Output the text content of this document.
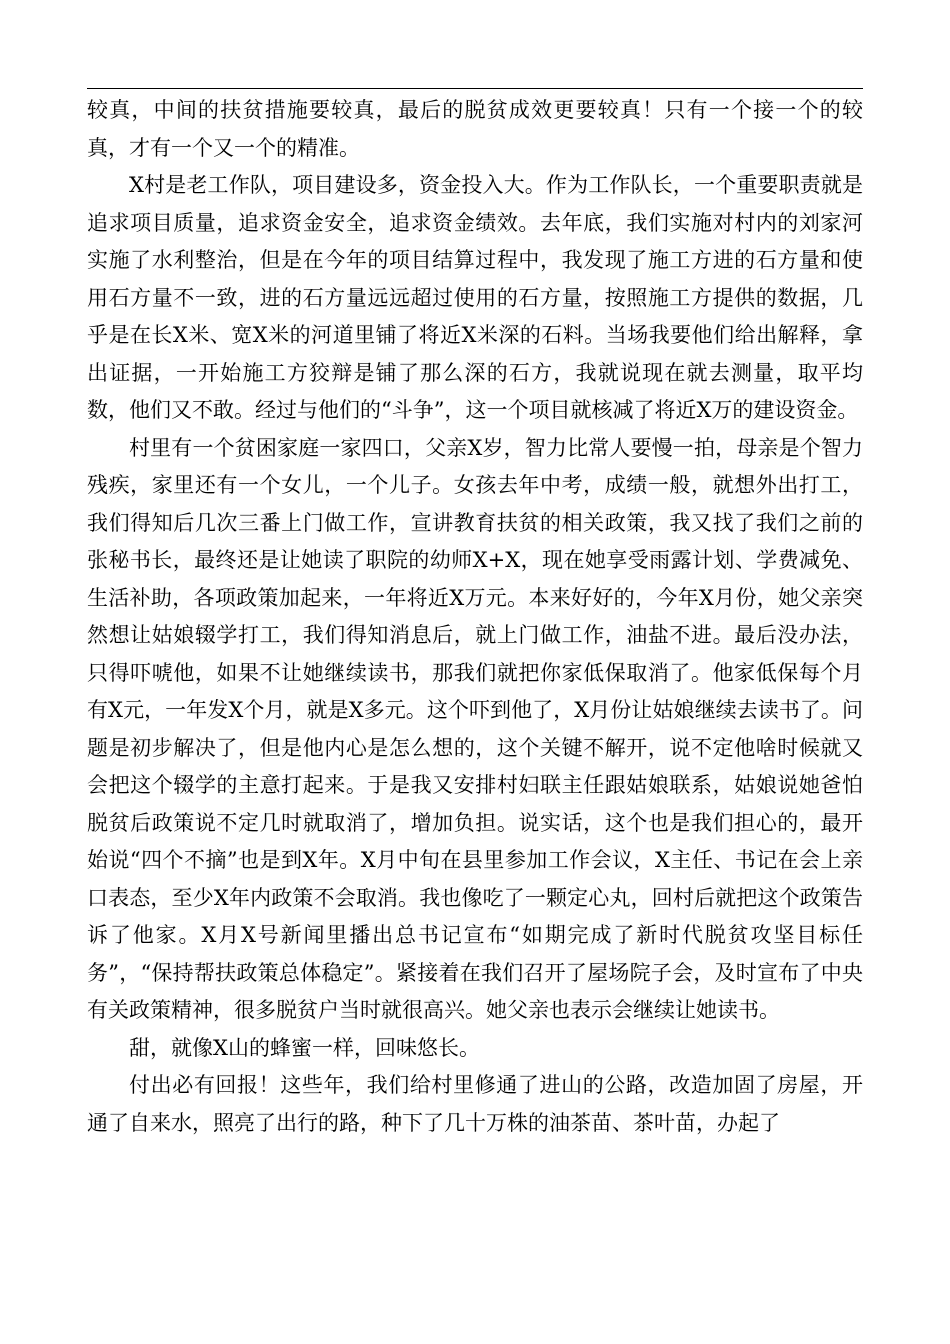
较真，中间的扶贫措施要较真，最后的脱贫成效更要较真！只有一个接一个的较真，才有一个又一个的精准。

X村是老工作队，项目建设多，资金投入大。作为工作队长，一个重要职责就是追求项目质量，追求资金安全，追求资金绩效。去年底，我们实施对村内的刘家河实施了水利整治，但是在今年的项目结算过程中，我发现了施工方进的石方量和使用石方量不一致，进的石方量远远超过使用的石方量，按照施工方提供的数据，几乎是在长X米、宽X米的河道里铺了将近X米深的石料。当场我要他们给出解释，拿出证据，一开始施工方狡辩是铺了那么深的石方，我就说现在就去测量，取平均数，他们又不敢。经过与他们的“斗争”，这一个项目就核减了将近X万的建设资金。

村里有一个贫困家庭一家四口，父亲X岁，智力比常人要慢一拍，母亲是个智力残疾，家里还有一个女儿，一个儿子。女孩去年中考，成绩一般，就想外出打工，我们得知后几次三番上门做工作，宣讲教育扶贫的相关政策，我又找了我们之前的张秘书长，最终还是让她读了职院的幼师X+X，现在她享受雨露计划、学费减免、生活补助，各项政策加起来，一年将近X万元。本来好好的，今年X月份，她父亲突然想让姑娘辍学打工，我们得知消息后，就上门做工作，油盐不进。最后没办法，只得吓唬他，如果不让她继续读书，那我们就把你家低保取消了。他家低保每个月有X元，一年发X个月，就是X多元。这个吓到他了，X月份让姑娘继续去读书了。问题是初步解决了，但是他内心是怎么想的，这个关键不解开，说不定他啥时候就又会把这个辍学的主意打起来。于是我又安排村妇联主任跟姑娘联系，姑娘说她爸怕脱贫后政策说不定几时就取消了，增加负担。说实话，这个也是我们担心的，最开始说“四个不摘”也是到X年。X月中旬在县里参加工作会议，X主任、书记在会上亲口表态，至少X年内政策不会取消。我也像吃了一颗定心丸，回村后就把这个政策告诉了他家。X月X号新闻里播出总书记宣布“如期完成了新时代脱贫攻坚目标任务”，“保持帮扶政策总体稳定”。紧接着在我们召开了屋场院子会，及时宣布了中央有关政策精神，很多脱贫户当时就很高兴。她父亲也表示会继续让她读书。

甜，就像X山的蜂蜜一样，回味悠长。

付出必有回报！这些年，我们给村里修通了进山的公路，改造加固了房屋，开通了自来水，照亮了出行的路，种下了几十万株的油茶苗、茶叶苗，办起了
